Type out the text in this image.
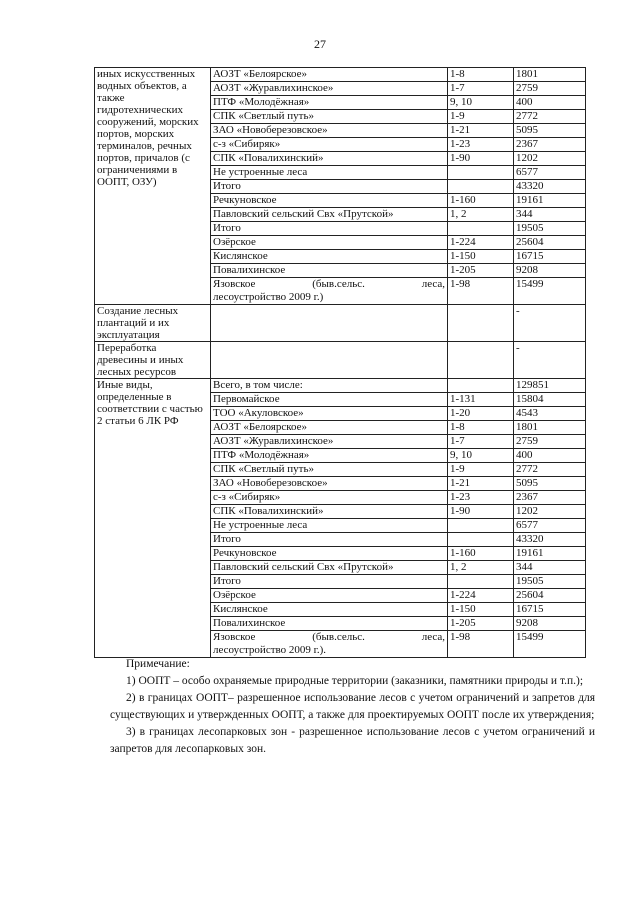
27
иных искусственных водных объектов, а также гидротехнических сооружений, морских портов, морских терминалов, речных портов, причалов (с ограничениями в ООПТ, ОЗУ)	АОЗТ «Белоярское»	1-8	1801
	АОЗТ «Журавлихинское»	1-7	2759
	ПТФ «Молодёжная»	9, 10	400
	СПК «Светлый путь»	1-9	2772
	ЗАО «Новоберезовское»	1-21	5095
	с-з «Сибиряк»	1-23	2367
	СПК «Повалихинский»	1-90	1202
	Не устроенные леса		6577
	Итого		43320
	Речкуновское	1-160	19161
	Павловский сельский Свх «Прутской»	1, 2	344
	Итого		19505
	Озёрское	1-224	25604
	Кислянское	1-150	16715
	Повалихинское	1-205	9208

	Язовское (быв.сельс. леса,
лесоустройство 2009 г.)	1-98	15499
Создание лесных плантаций и их эксплуатация			-
Переработка древесины и иных лесных ресурсов			-
Иные виды, определенные в соответствии с частью 2 статьи 6 ЛК РФ	Всего, в том числе:		129851
	Первомайское	1-131	15804
	ТОО «Акуловское»	1-20	4543
	АОЗТ «Белоярское»	1-8	1801
	АОЗТ «Журавлихинское»	1-7	2759
	ПТФ «Молодёжная»	9, 10	400
	СПК «Светлый путь»	1-9	2772
	ЗАО «Новоберезовское»	1-21	5095
	с-з «Сибиряк»	1-23	2367
	СПК «Повалихинский»	1-90	1202
	Не устроенные леса		6577
	Итого		43320
	Речкуновское	1-160	19161
	Павловский сельский Свх «Прутской»	1, 2	344
	Итого		19505
	Озёрское	1-224	25604
	Кислянское	1-150	16715
	Повалихинское	1-205	9208

	Язовское (быв.сельс. леса,
лесоустройство 2009 г.).	1-98	15499

Примечание:

1) ООПТ – особо охраняемые природные территории (заказники, памятники природы и т.п.);

2) в границах ООПТ– разрешенное использование лесов с учетом ограничений и запретов для существующих и утвержденных ООПТ, а также для проектируемых ООПТ после их утверждения;

3) в границах лесопарковых зон - разрешенное использование лесов с учетом ограничений и запретов для лесопарковых зон.
